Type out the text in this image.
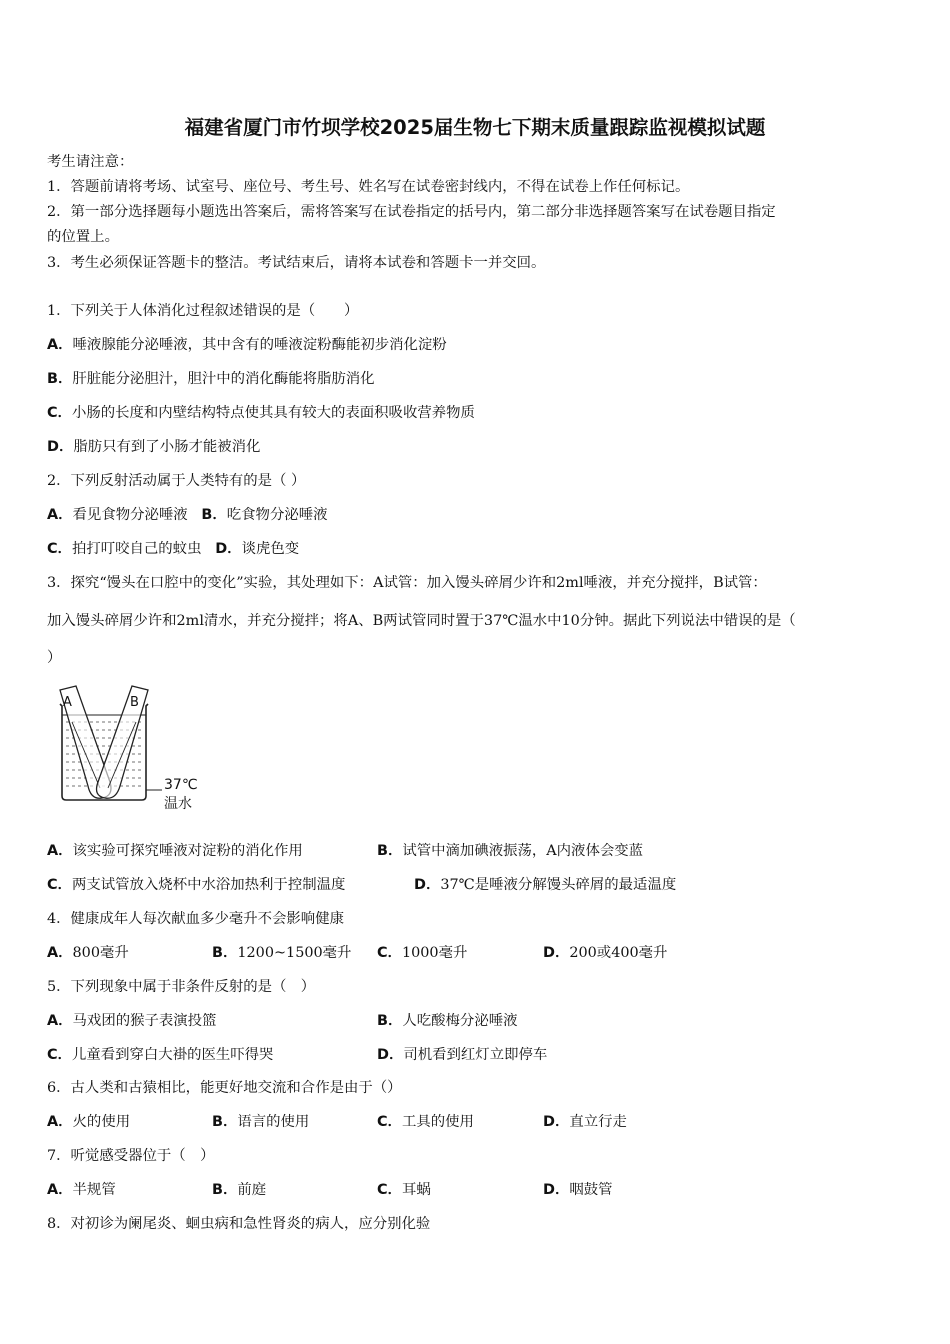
福建省厦门市竹坝学校2025届生物七下期末质量跟踪监视模拟试题
考生请注意：
1．答题前请将考场、试室号、座位号、考生号、姓名写在试卷密封线内，不得在试卷上作任何标记。
2．第一部分选择题每小题选出答案后，需将答案写在试卷指定的括号内，第二部分非选择题答案写在试卷题目指定
的位置上。
3．考生必须保证答题卡的整洁。考试结束后，请将本试卷和答题卡一并交回。
1．下列关于人体消化过程叙述错误的是（　　）
A．唾液腺能分泌唾液，其中含有的唾液淀粉酶能初步消化淀粉
B．肝脏能分泌胆汁，胆汁中的消化酶能将脂肪消化
C．小肠的长度和内壁结构特点使其具有较大的表面积吸收营养物质
D．脂肪只有到了小肠才能被消化
2．下列反射活动属于人类特有的是（ ）
A．看见食物分泌唾液 B．吃食物分泌唾液
C．拍打叮咬自己的蚊虫 D．谈虎色变
3．探究“馒头在口腔中的变化”实验，其处理如下：A试管：加入馒头碎屑少许和2ml唾液，并充分搅拌，B试管：
加入馒头碎屑少许和2ml清水，并充分搅拌；将A、B两试管同时置于37℃温水中10分钟。据此下列说法中错误的是（
）
A	B
37℃
温水
A．该实验可探究唾液对淀粉的消化作用	B．试管中滴加碘液振荡，A内液体会变蓝
C．两支试管放入烧杯中水浴加热利于控制温度	D．37℃是唾液分解馒头碎屑的最适温度
4．健康成年人每次献血多少毫升不会影响健康
A．800毫升	B．1200~1500毫升 C．1000毫升	D．200或400毫升
5．下列现象中属于非条件反射的是（　）
A．马戏团的猴子表演投篮	B．人吃酸梅分泌唾液
C．儿童看到穿白大褂的医生吓得哭	D．司机看到红灯立即停车
6．古人类和古猿相比，能更好地交流和合作是由于（）
A．火的使用	B．语言的使用	C．工具的使用	D．直立行走
7．听觉感受器位于（　）
A．半规管	B．前庭	C．耳蜗	D．咽鼓管
8．对初诊为阑尾炎、蛔虫病和急性肾炎的病人，应分别化验
